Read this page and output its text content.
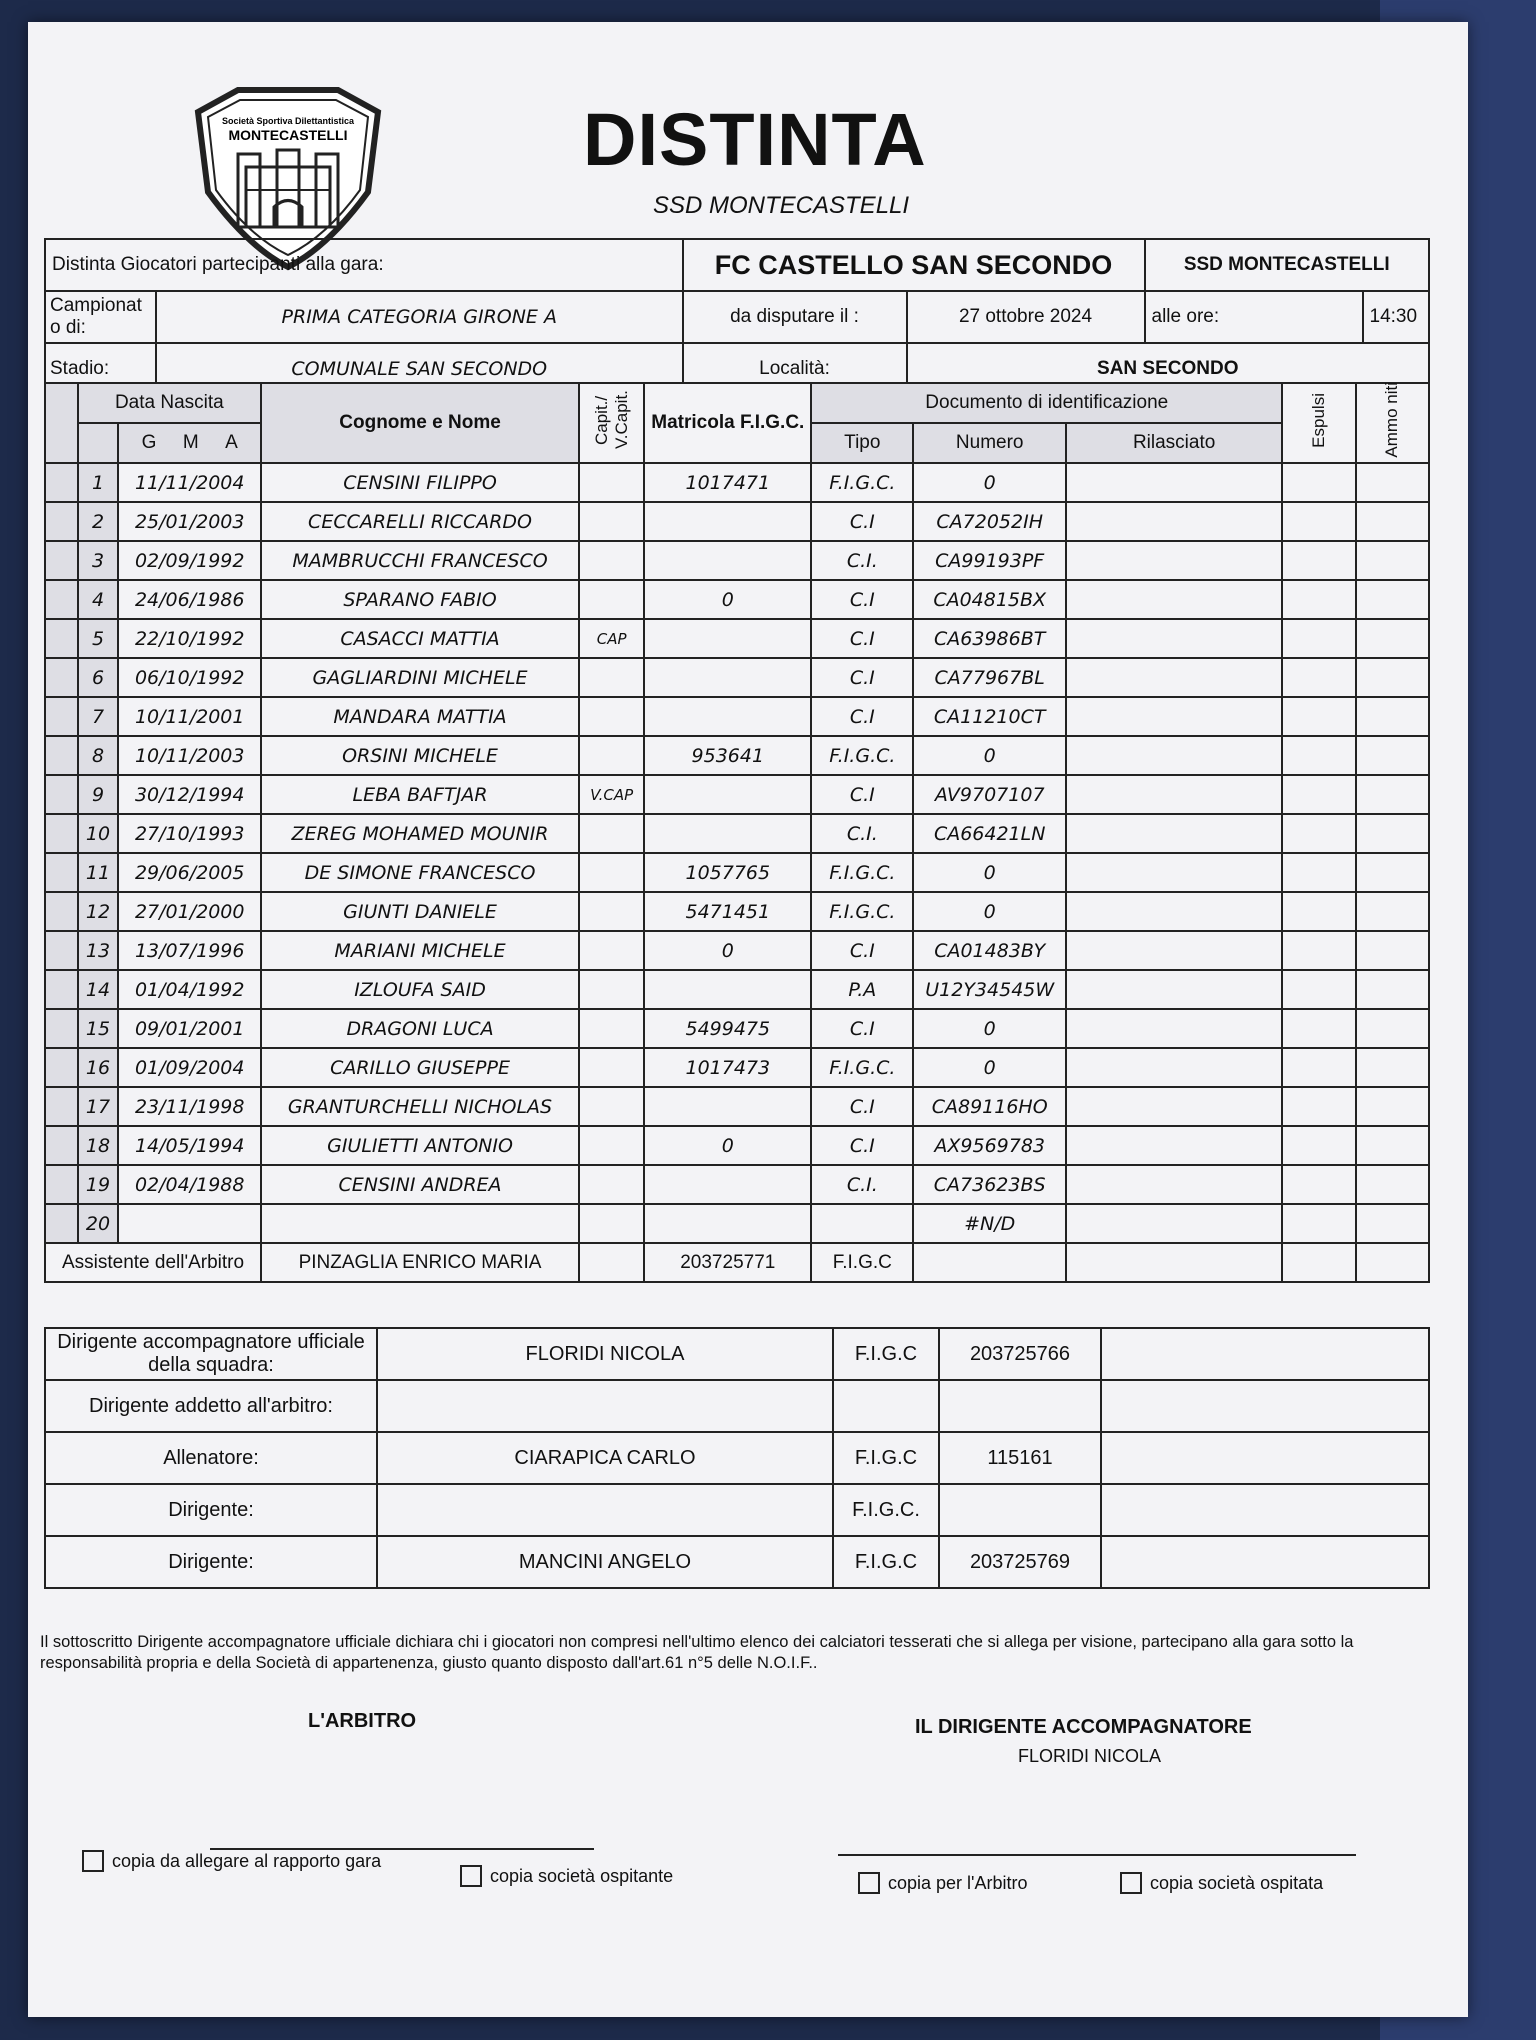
Società Sportiva Dilettantistica
MONTECASTELLI	DISTINTA
SSD MONTECASTELLI
Distinta Giocatori partecipanti alla gara:		FC CASTELLO SAN SECONDO		SSD MONTECASTELLI	
Campionat o di:	PRIMA CATEGORIA GIRONE A	da disputare il :	27 ottobre 2024	alle ore:	14:30
Stadio:	COMUNALE SAN SECONDO	Località:	SAN SECONDO		
	Data Nascita		Cognome e Nome	Capit./ V.Capit.	Matricola F.I.G.C.	Documento di identificazione			Espulsi	Ammo niti
		G M A				Tipo	Numero	Rilasciato		
	1	11/11/2004	CENSINI FILIPPO		1017471	F.I.G.C.	0			
	2	25/01/2003	CECCARELLI RICCARDO			C.I	CA72052IH			
	3	02/09/1992	MAMBRUCCHI FRANCESCO			C.I.	CA99193PF			
	4	24/06/1986	SPARANO FABIO		0	C.I	CA04815BX			
	5	22/10/1992	CASACCI MATTIA	CAP		C.I	CA63986BT			
	6	06/10/1992	GAGLIARDINI MICHELE			C.I	CA77967BL			
	7	10/11/2001	MANDARA MATTIA			C.I	CA11210CT			
	8	10/11/2003	ORSINI MICHELE		953641	F.I.G.C.	0			
	9	30/12/1994	LEBA BAFTJAR	V.CAP		C.I	AV9707107			
	10	27/10/1993	ZEREG MOHAMED MOUNIR			C.I.	CA66421LN			
	11	29/06/2005	DE SIMONE FRANCESCO		1057765	F.I.G.C.	0			
	12	27/01/2000	GIUNTI DANIELE		5471451	F.I.G.C.	0			
	13	13/07/1996	MARIANI MICHELE		0	C.I	CA01483BY			
	14	01/04/1992	IZLOUFA SAID			P.A	U12Y34545W			
	15	09/01/2001	DRAGONI LUCA		5499475	C.I	0			
	16	01/09/2004	CARILLO GIUSEPPE		1017473	F.I.G.C.	0			
	17	23/11/1998	GRANTURCHELLI NICHOLAS			C.I	CA89116HO			
	18	14/05/1994	GIULIETTI ANTONIO		0	C.I	AX9569783			
	19	02/04/1988	CENSINI ANDREA			C.I.	CA73623BS			
	20						#N/D			
Assistente dell'Arbitro			PINZAGLIA ENRICO MARIA		203725771	F.I.G.C				
Dirigente accompagnatore ufficiale della squadra:	FLORIDI NICOLA	F.I.G.C	203725766	
Dirigente addetto all'arbitro:				
Allenatore:	CIARAPICA CARLO	F.I.G.C	115161	
Dirigente:		F.I.G.C.		
Dirigente:	MANCINI ANGELO	F.I.G.C	203725769	
Il sottoscritto Dirigente accompagnatore ufficiale dichiara chi i giocatori non compresi nell'ultimo elenco dei calciatori tesserati che si allega per visione, partecipano alla gara sotto la responsabilità propria e della Società di appartenenza, giusto quanto disposto dall'art.61 n°5 delle N.O.I.F..
L'ARBITRO	IL DIRIGENTE ACCOMPAGNATORE
FLORIDI NICOLA
copia da allegare al rapporto gara
copia società ospitante	copia per l'Arbitro	copia società ospitata
